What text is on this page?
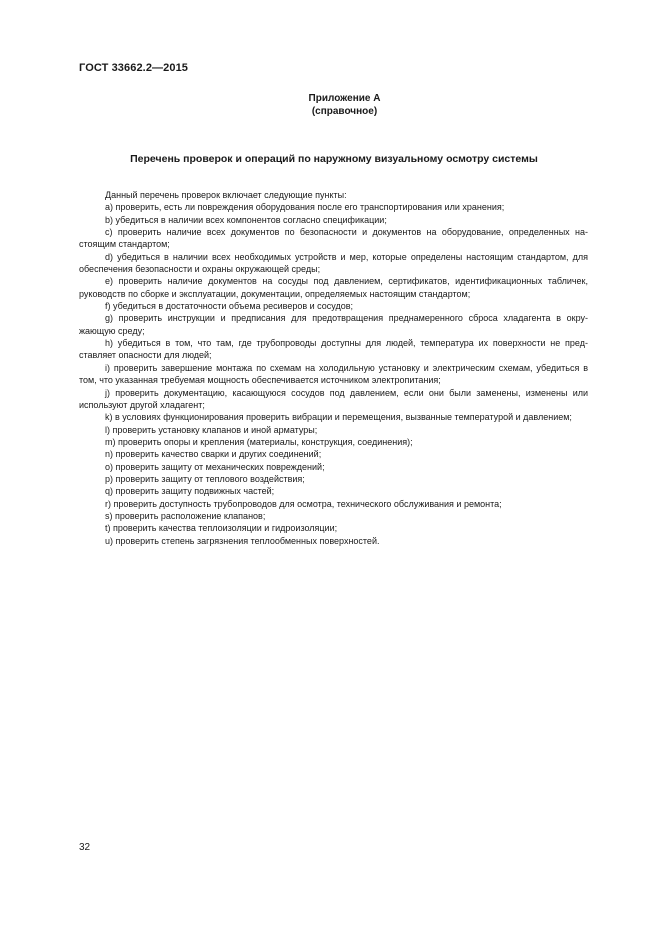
ГОСТ 33662.2—2015
Приложение А
(справочное)
Перечень проверок и операций по наружному визуальному осмотру системы

Данный перечень проверок включает следующие пункты:

а) проверить, есть ли повреждения оборудования после его транспортирования или хранения;

b) убедиться в наличии всех компонентов согласно спецификации;

c) проверить наличие всех документов по безопасности и документов на оборудование, определенных на-стоящим стандартом;

d) убедиться в наличии всех необходимых устройств и мер, которые определены настоящим стандартом, для обеспечения безопасности и охраны окружающей среды;

е) проверить наличие документов на сосуды под давлением, сертификатов, идентификационных табличек, руководств по сборке и эксплуатации, документации, определяемых настоящим стандартом;

f) убедиться в достаточности объема ресиверов и сосудов;

g) проверить инструкции и предписания для предотвращения преднамеренного сброса хладагента в окру-жающую среду;

h) убедиться в том, что там, где трубопроводы доступны для людей, температура их поверхности не пред-ставляет опасности для людей;

i) проверить завершение монтажа по схемам на холодильную установку и электрическим схемам, убедиться в том, что указанная требуемая мощность обеспечивается источником электропитания;

j) проверить документацию, касающуюся сосудов под давлением, если они были заменены, изменены или используют другой хладагент;

k) в условиях функционирования проверить вибрации и перемещения, вызванные температурой и давлением;

l) проверить установку клапанов и иной арматуры;

m) проверить опоры и крепления (материалы, конструкция, соединения);

n) проверить качество сварки и других соединений;

о) проверить защиту от механических повреждений;

р) проверить защиту от теплового воздействия;

q) проверить защиту подвижных частей;

r) проверить доступность трубопроводов для осмотра, технического обслуживания и ремонта;

s) проверить расположение клапанов;

t) проверить качества теплоизоляции и гидроизоляции;

u) проверить степень загрязнения теплообменных поверхностей.

32
